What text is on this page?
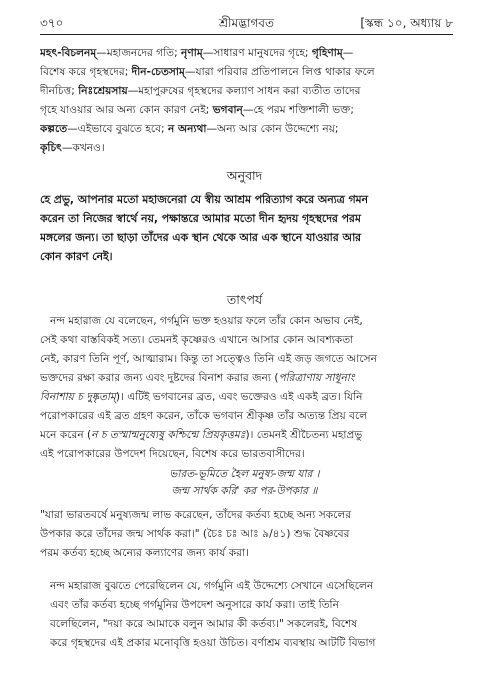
৩৭০	শ্রীমদ্ভাগবত	[স্কন্ধ ১০, অধ্যায় ৮
মহৎ-বিচলনম্—মহাজনদের গতি; নৃণাম্—সাধারণ মানুষদের গৃহে; গৃহিণাম্—
বিশেষ করে গৃহস্থদের; দীন-চেতসাম্—যারা পরিবার প্রতিপালনে লিপ্ত থাকার ফলে
দীনচিত্ত; নিঃশ্রেয়সায়—মহাপুরুষের গৃহস্থদের কল্যাণ সাধন করা ব্যতীত তাদের
গৃহে যাওয়ার আর অন্য কোন কারণ নেই; ভগবান্—হে পরম শক্তিশালী ভক্ত;
কল্পতে—এইভাবে বুঝতে হবে; ন অন্যথা—অন্য আর কোন উদ্দেশ্যে নয়;
কৃচিৎ—কখনও।
অনুবাদ
হে প্রভু, আপনার মতো মহাজনেরা যে স্বীয় আশ্রম পরিত্যাগ করে অন্যত্র গমন
করেন তা নিজের স্বার্থে নয়, পক্ষান্তরে আমার মতো দীন হৃদয় গৃহস্থদের পরম
মঙ্গলের জন্য। তা ছাড়া তাঁদের এক স্থান থেকে আর এক স্থানে যাওয়ার আর
কোন কারণ নেই।
তাৎপর্য
নন্দ মহারাজ যে বলেছেন, গর্গমুনি ভক্ত হওয়ার ফলে তাঁর কোন অভাব নেই,
সেই কথা বাস্তবিকই সত্য। তেমনই কৃষ্ণেরও এখানে আসার কোন আবশ্যকতা
নেই, কারণ তিনি পূর্ণ, আত্মারাম। কিন্তু তা সত্ত্বেও তিনি এই জড় জগতে আসেন
ভক্তদের রক্ষা করার জন্য এবং দুষ্টদের বিনাশ করার জন্য (পরিত্রাণায় সাধূনাং
বিনাশায় চ দুষ্কৃতাম্)। এটিই ভগবানের ব্রত, এবং ভক্তেরও এই একই ব্রত। যিনি
পরোপকারের এই ব্রত গ্রহণ করেন, তাঁকে ভগবান শ্রীকৃষ্ণ তাঁর অত্যন্ত প্রিয় বলে
মনে করেন (ন চ তস্মান্মনুষ্যেষু কশ্চিন্মে প্রিয়কৃত্তমঃ)। তেমনই শ্রীচৈতন্য মহাপ্রভু
এই পরোপকারের উপদেশ দিয়েছেন, বিশেষ করে ভারতবাসীদের।
ভারত-ভূমিতে হৈল মনুষ্য-জন্ম যার ।
জন্ম সার্থক করি' কর পর-উপকার ॥
"যারা ভারতবর্ষে মনুষ্যজন্ম লাভ করেছেন, তাঁদের কর্তব্য হচ্ছে অন্য সকলের
উপকার করে তাঁদের জন্ম সার্থক করা।" (চৈঃ চঃ আঃ ৯/৪১) শুদ্ধ বৈষ্ণবের
পরম কর্তব্য হচ্ছে অন্যের কল্যাণের জন্য কার্য করা।
নন্দ মহারাজ বুঝতে পেরেছিলেন যে, গর্গমুনি এই উদ্দেশ্যে সেখানে এসেছিলেন
এবং তাঁর কর্তব্য হচ্ছে গর্গমুনির উপদেশ অনুসারে কার্য করা। তাই তিনি
বলেছিলেন, "দয়া করে আমাকে বলুন আমার কী কর্তব্য।" সকলেরই, বিশেষ
করে গৃহস্থদের এই প্রকার মনোবৃত্তি হওয়া উচিত। বর্ণাশ্রম ব্যবস্থায় আটটি বিভাগ
